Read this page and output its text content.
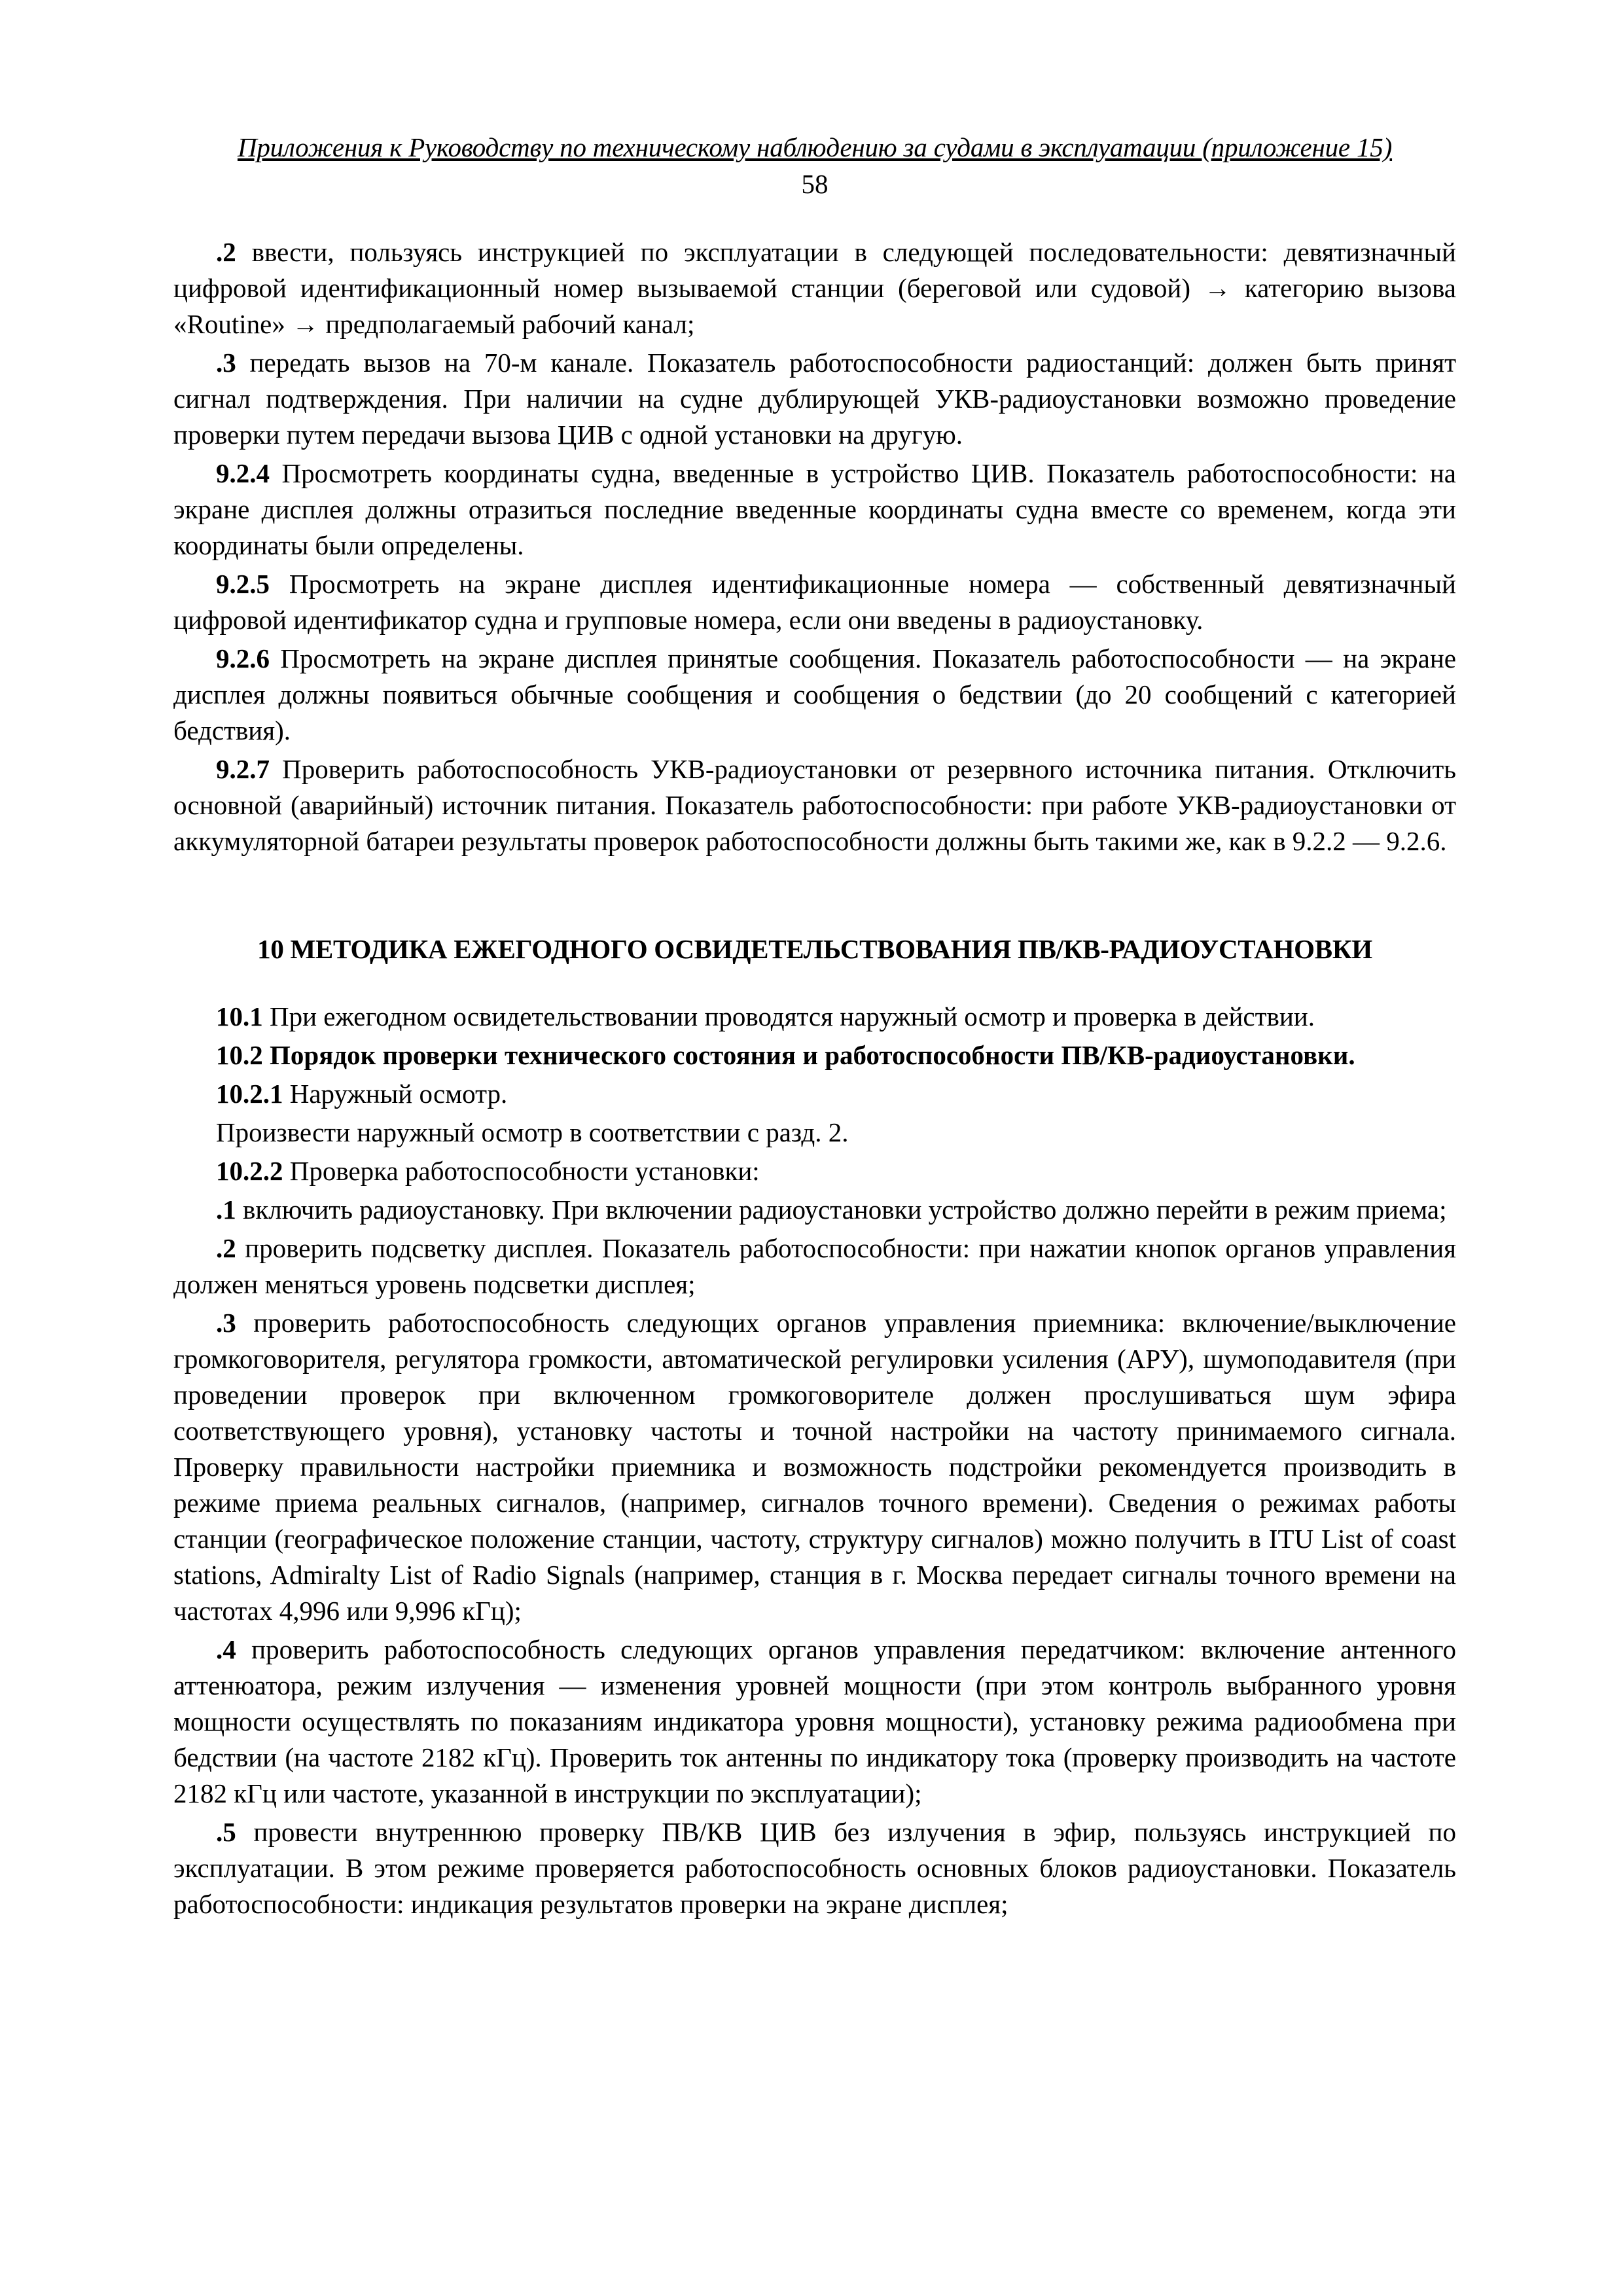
Приложения к Руководству по техническому наблюдению за судами в эксплуатации (приложение 15)
58

.2 ввести, пользуясь инструкцией по эксплуатации в следующей последовательности: девятизначный цифровой идентификационный номер вызываемой станции (береговой или судовой) → категорию вызова «Routine» → предполагаемый рабочий канал;

.3 передать вызов на 70-м канале. Показатель работоспособности радиостанций: должен быть принят сигнал подтверждения. При наличии на судне дублирующей УКВ-радиоустановки возможно проведение проверки путем передачи вызова ЦИВ с одной установки на другую.

9.2.4 Просмотреть координаты судна, введенные в устройство ЦИВ. Показатель работоспособности: на экране дисплея должны отразиться последние введенные координаты судна вместе со временем, когда эти координаты были определены.

9.2.5 Просмотреть на экране дисплея идентификационные номера — собственный девятизначный цифровой идентификатор судна и групповые номера, если они введены в радиоустановку.

9.2.6 Просмотреть на экране дисплея принятые сообщения. Показатель работоспособности — на экране дисплея должны появиться обычные сообщения и сообщения о бедствии (до 20 сообщений с категорией бедствия).

9.2.7 Проверить работоспособность УКВ-радиоустановки от резервного источника питания. Отключить основной (аварийный) источник питания. Показатель работоспособности: при работе УКВ-радиоустановки от аккумуляторной батареи результаты проверок работоспособности должны быть такими же, как в 9.2.2 — 9.2.6.

10 МЕТОДИКА ЕЖЕГОДНОГО ОСВИДЕТЕЛЬСТВОВАНИЯ ПВ/КВ-РАДИОУСТАНОВКИ

10.1 При ежегодном освидетельствовании проводятся наружный осмотр и проверка в действии.

10.2 Порядок проверки технического состояния и работоспособности ПВ/КВ-радиоустановки.

10.2.1 Наружный осмотр.

Произвести наружный осмотр в соответствии с разд. 2.

10.2.2 Проверка работоспособности установки:

.1 включить радиоустановку. При включении радиоустановки устройство должно перейти в режим приема;

.2 проверить подсветку дисплея. Показатель работоспособности: при нажатии кнопок органов управления должен меняться уровень подсветки дисплея;

.3 проверить работоспособность следующих органов управления приемника: включение/выключение громкоговорителя, регулятора громкости, автоматической регулировки усиления (АРУ), шумоподавителя (при проведении проверок при включенном громкоговорителе должен прослушиваться шум эфира соответствующего уровня), установку частоты и точной настройки на частоту принимаемого сигнала. Проверку правильности настройки приемника и возможность подстройки рекомендуется производить в режиме приема реальных сигналов, (например, сигналов точного времени). Сведения о режимах работы станции (географическое положение станции, частоту, структуру сигналов) можно получить в ITU List of coast stations, Admiralty List of Radio Signals (например, станция в г. Москва передает сигналы точного времени на частотах 4,996 или 9,996 кГц);

.4 проверить работоспособность следующих органов управления передатчиком: включение антенного аттенюатора, режим излучения — изменения уровней мощности (при этом контроль выбранного уровня мощности осуществлять по показаниям индикатора уровня мощности), установку режима радиообмена при бедствии (на частоте 2182 кГц). Проверить ток антенны по индикатору тока (проверку производить на частоте 2182 кГц или частоте, указанной в инструкции по эксплуатации);

.5 провести внутреннюю проверку ПВ/КВ ЦИВ без излучения в эфир, пользуясь инструкцией по эксплуатации. В этом режиме проверяется работоспособность основных блоков радиоустановки. Показатель работоспособности: индикация результатов проверки на экране дисплея;
